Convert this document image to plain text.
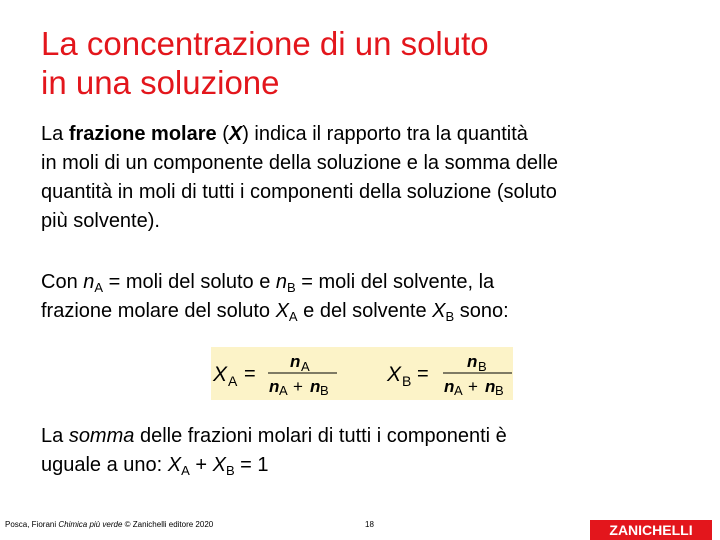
La concentrazione di un soluto
in una soluzione
La frazione molare (X) indica il rapporto tra la quantità
in moli di un componente della soluzione e la somma delle
quantità in moli di tutti i componenti della soluzione (soluto
più solvente).
Con $n_A$ = moli del soluto e $n_B$ = moli del solvente, la
frazione molare del soluto $X_A$ e del solvente $X_B$ sono:
X A =
n A
n A + n B
X B =
n B
n A + n B
La somma delle frazioni molari di tutti i componenti è
uguale a uno: $X_A + X_B = 1$
Posca, Fiorani Chimica più verde © Zanichelli editore 2020	18	ZANICHELLI
